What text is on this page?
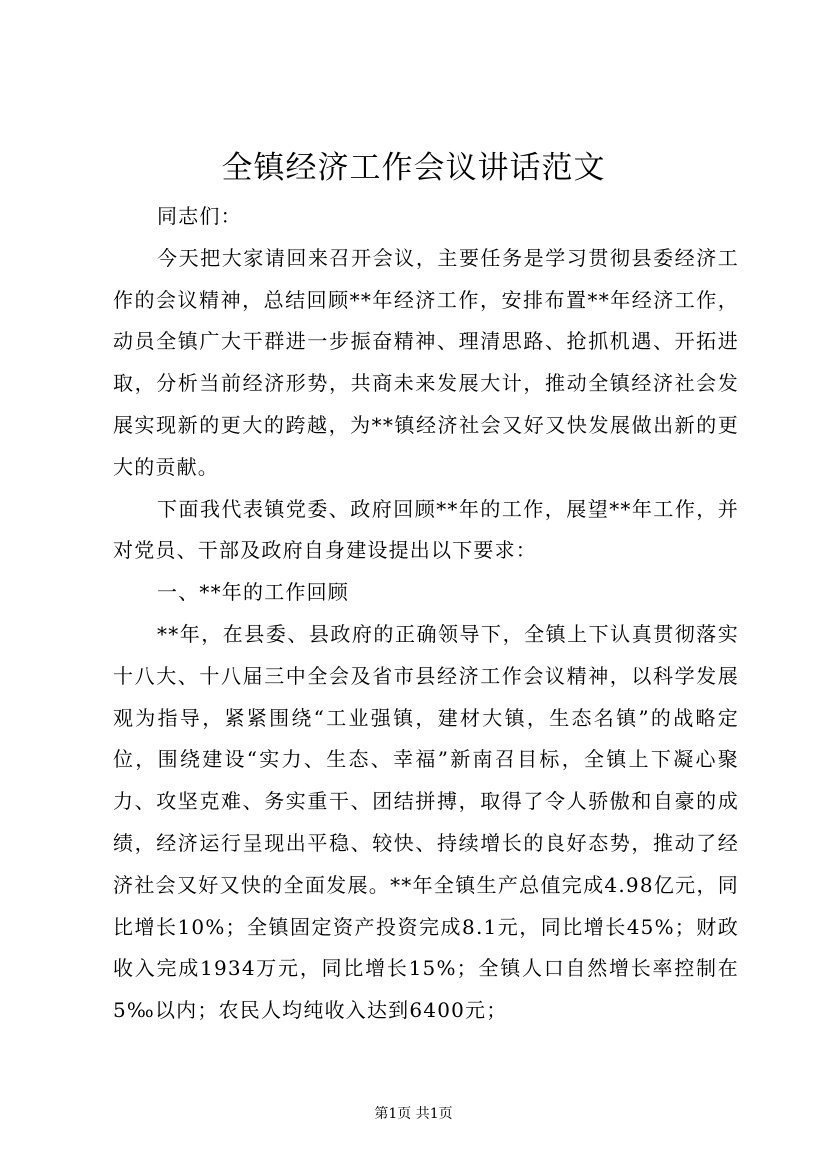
全镇经济工作会议讲话范文

同志们：

今天把大家请回来召开会议，主要任务是学习贯彻县委经济工作的会议精神，总结回顾**年经济工作，安排布置**年经济工作，动员全镇广大干群进一步振奋精神、理清思路、抢抓机遇、开拓进取，分析当前经济形势，共商未来发展大计，推动全镇经济社会发展实现新的更大的跨越，为**镇经济社会又好又快发展做出新的更大的贡献。

下面我代表镇党委、政府回顾**年的工作，展望**年工作，并对党员、干部及政府自身建设提出以下要求：

一、**年的工作回顾

**年，在县委、县政府的正确领导下，全镇上下认真贯彻落实十八大、十八届三中全会及省市县经济工作会议精神，以科学发展观为指导，紧紧围绕“工业强镇，建材大镇，生态名镇”的战略定位，围绕建设“实力、生态、幸福”新南召目标，全镇上下凝心聚力、攻坚克难、务实重干、团结拼搏，取得了令人骄傲和自豪的成绩，经济运行呈现出平稳、较快、持续增长的良好态势，推动了经济社会又好又快的全面发展。**年全镇生产总值完成4.98亿元，同比增长10%；全镇固定资产投资完成8.1元，同比增长45%；财政收入完成1934万元，同比增长15%；全镇人口自然增长率控制在5‰以内；农民人均纯收入达到6400元；

第1页 共1页
